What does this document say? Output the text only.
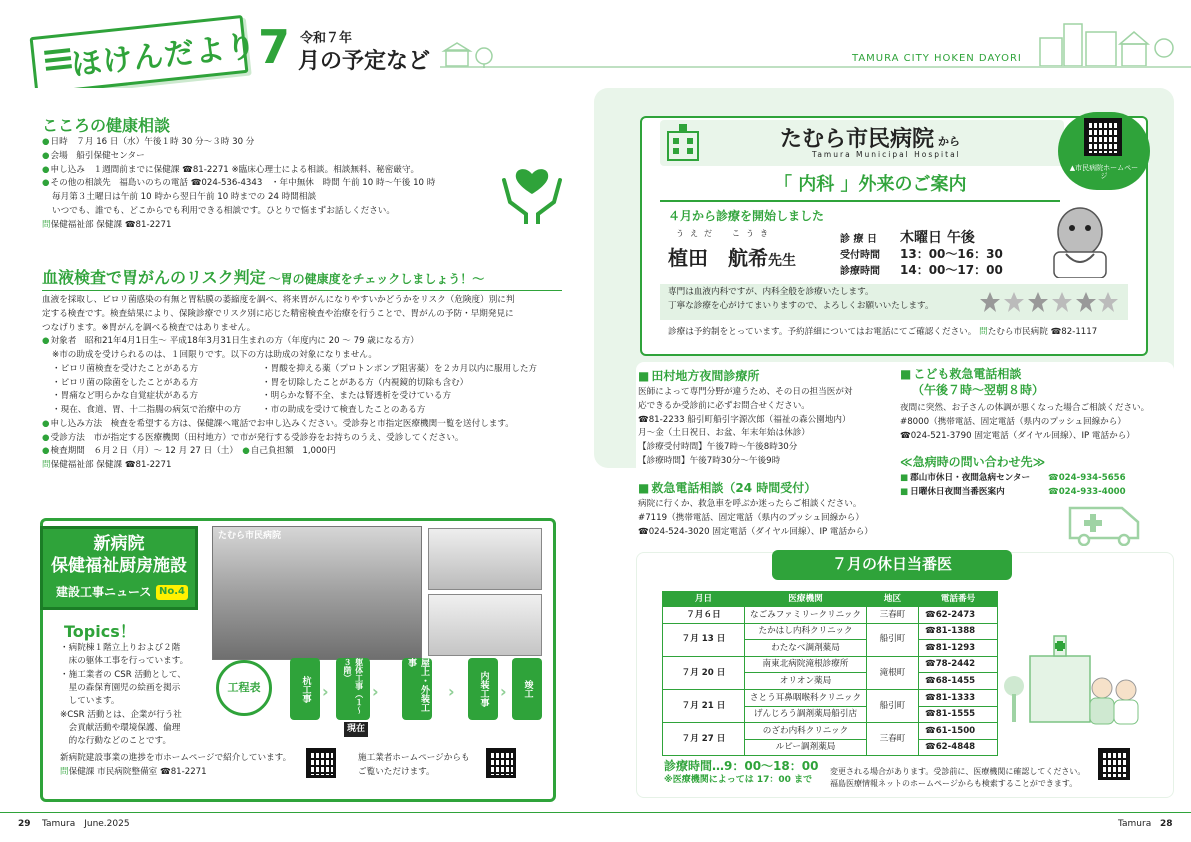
ほけんだより 7 令和７年
月の予定など	TAMURA CITY HOKEN DAYORI
こころの健康相談
● 日時　７月 16 日（水）午後１時 30 分～３時 30 分
● 会場　船引保健センター
● 申し込み　１週間前までに保健課 ☎81-2271 ※臨床心理士による相談。相談無料、秘密厳守。
● その他の相談先　福島いのちの電話 ☎024-536-4343　・年中無休　時間 午前 10 時～午後 10 時
毎月第３土曜日は午前 10 時から翌日午前 10 時までの 24 時間相談
いつでも、誰でも、どこからでも利用できる相談です。ひとりで悩まずお話しください。
問保健福祉部 保健課 ☎81-2271
血液検査で胃がんのリスク判定 ～胃の健康度をチェックしましょう！～
血液を採取し、ピロリ菌感染の有無と胃粘膜の萎縮度を調べ、将来胃がんになりやすいかどうかをリスク（危険度）別に判
定する検査です。検査結果により、保険診療でリスク別に応じた精密検査や治療を行うことで、胃がんの予防・早期発見に
つなげります。※胃がんを調べる検査ではありません。
● 対象者　昭和21年4月1日生～ 平成18年3月31日生まれの方（年度内に 20 ～ 79 歳になる方）
※市の助成を受けられるのは、１回限りです。以下の方は助成の対象になりません。
・ピロリ菌検査を受けたことがある方
・ピロリ菌の除菌をしたことがある方
・胃痛など明らかな自覚症状がある方
・現在、食道、胃、十二指腸の病気で治療中の方
・胃酸を抑える薬（プロトンポンプ阻害薬）を２カ月以内に服用した方
・胃を切除したことがある方（内視鏡的切除も含む）
・明らかな腎不全、または腎透析を受けている方
・市の助成を受けて検査したことのある方
● 申し込み方法　検査を希望する方は、保健課へ電話でお申し込みください。受診券と市指定医療機関一覧を送付します。
● 受診方法　市が指定する医療機関（田村地方）で市が発行する受診券をお持ちのうえ、受診してください。
● 検査期間　６月２日（月）～ 12 月 27 日（土）　 ● 自己負担額　1,000円
問保健福祉部 保健課 ☎81-2271
新病院
保健福祉厨房施設
建設工事ニュース No.4
たむら市民病院
Topics！
・病院棟１階立上りおよび２階
　床の躯体工事を行っています。
・施工業者の CSR 活動として、
　星の森保育園児の絵画を掲示
　しています。
※CSR 活動とは、企業が行う社
　会貢献活動や環境保護、倫理
　的な行動などのことです。
工程表	杭工事 ›	躯体工事（１〜３階）
›	屋上・外装工事
›	内装工事 ›	竣工
現在
新病院建設事業の進捗を市ホームページで紹介しています。
問保健課 市民病院整備室 ☎81-2271
施工業者ホームページからも
ご覧いただけます。
たむら市民病院 から
Tamura Municipal Hospital
▲市民病院ホームページ
「 内科 」外来のご案内
４月から診療を開始しました
うえだ　こうき
植田　航希先生
診 療 日 木曜日 午後
受付時間 13：00～16：30
診療時間 14：00～17：00
専門は血液内科ですが、内科全般を診療いたします。
丁寧な診療を心がけてまいりますので、よろしくお願いいたします。
診療は予約制をとっています。予約詳細についてはお電話にてご確認ください。 問たむら市民病院 ☎82-1117
■ 田村地方夜間診療所
医師によって専門分野が違うため、その日の担当医が対
応できるか受診前に必ずお問合せください。
☎81-2233 船引町船引字源次郎（福祉の森公園地内）
月～金（土日祝日、お盆、年末年始は休診）
【診療受付時間】午後7時～午後8時30分
【診療時間】午後7時30分～午後9時
■ 救急電話相談（24 時間受付）
病院に行くか、救急車を呼ぶか迷ったらご相談ください。
#7119（携帯電話、固定電話（県内のプッシュ回線から）
☎024-524-3020 固定電話（ダイヤル回線）、IP 電話から）
■ こども救急電話相談
（午後７時～翌朝８時）
夜間に突然、お子さんの体調が悪くなった場合ご相談ください。
#8000（携帯電話、固定電話（県内のプッシュ回線から）
☎024-521-3790 固定電話（ダイヤル回線）、IP 電話から）
≪急病時の問い合わせ先≫
■ 郡山市休日・夜間急病センター ☎024-934-5656
■ 日曜休日夜間当番医案内	☎024-933-4000
７月の休日当番医
月日	医療機関	地区	電話番号
７月６日	なごみファミリークリニック	三春町	☎62-2473
７月 13 日	たかはし内科クリニック	船引町	☎81-1388
	わたなべ調剤薬局		☎81-1293
７月 20 日	南東北病院滝根診療所	滝根町	☎78-2442
	オリオン薬局		☎68-1455
７月 21 日	さとう耳鼻咽喉科クリニック	船引町	☎81-1333
	げんじろう調剤薬局船引店		☎81-1555
７月 27 日	のざわ内科クリニック	三春町	☎61-1500
	ルピー調剤薬局		☎62-4848
診療時間…9：00～18：00
※医療機関によっては 17：00 まで
変更される場合があります。受診前に、医療機関に確認してください。
福島医療情報ネットのホームページからも検索することができます。
29 Tamura　June.2025	Tamura 28
